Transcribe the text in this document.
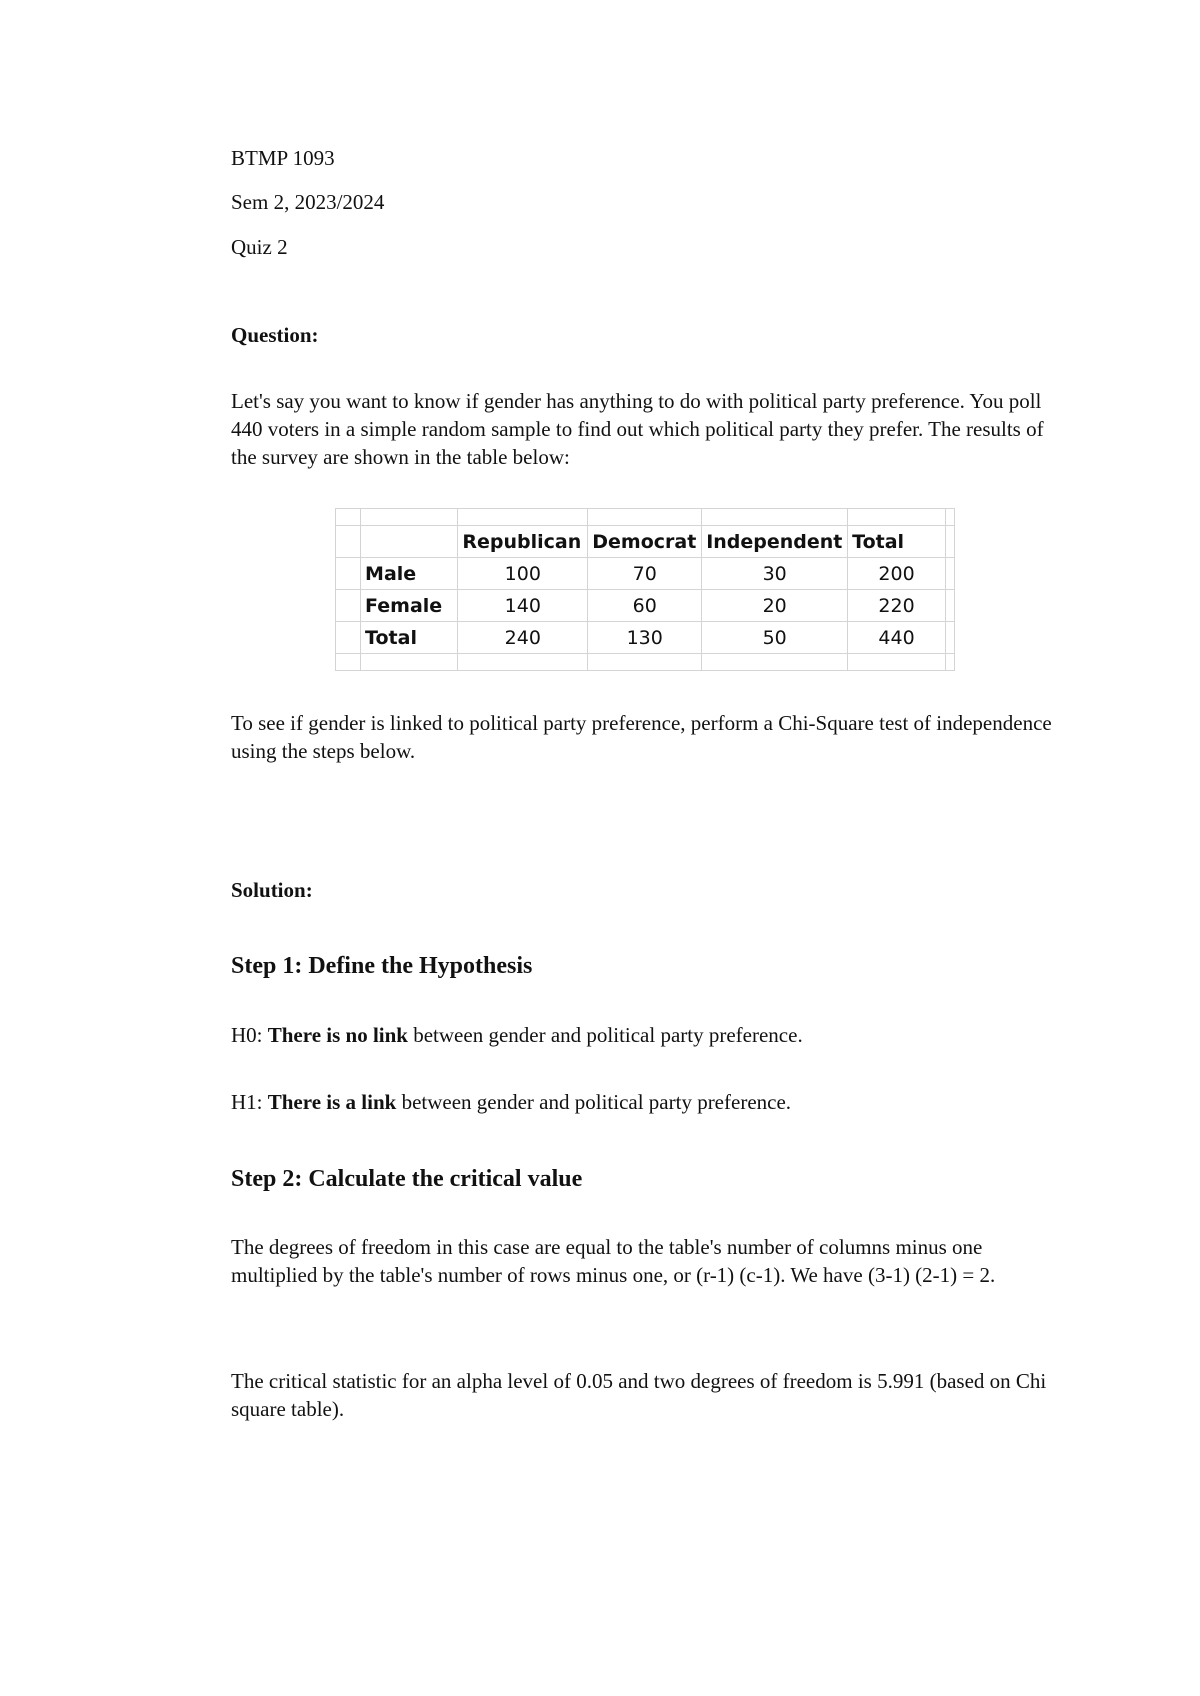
BTMP 1093

Sem 2, 2023/2024

Quiz 2

Question:

Let's say you want to know if gender has anything to do with political party preference. You poll 440 voters in a simple random sample to find out which political party they prefer. The results of the survey are shown in the table below:

		Republican	Democrat	Independent	Total	
	Male	100	70	30	200	
	Female	140	60	20	220	
	Total	240	130	50	440	

To see if gender is linked to political party preference, perform a Chi-Square test of independence using the steps below.

Solution:

Step 1: Define the Hypothesis

H0: There is no link between gender and political party preference.

H1: There is a link between gender and political party preference.

Step 2: Calculate the critical value

The degrees of freedom in this case are equal to the table's number of columns minus one multiplied by the table's number of rows minus one, or (r-1) (c-1). We have (3-1) (2-1) = 2.

The critical statistic for an alpha level of 0.05 and two degrees of freedom is 5.991 (based on Chi square table).
